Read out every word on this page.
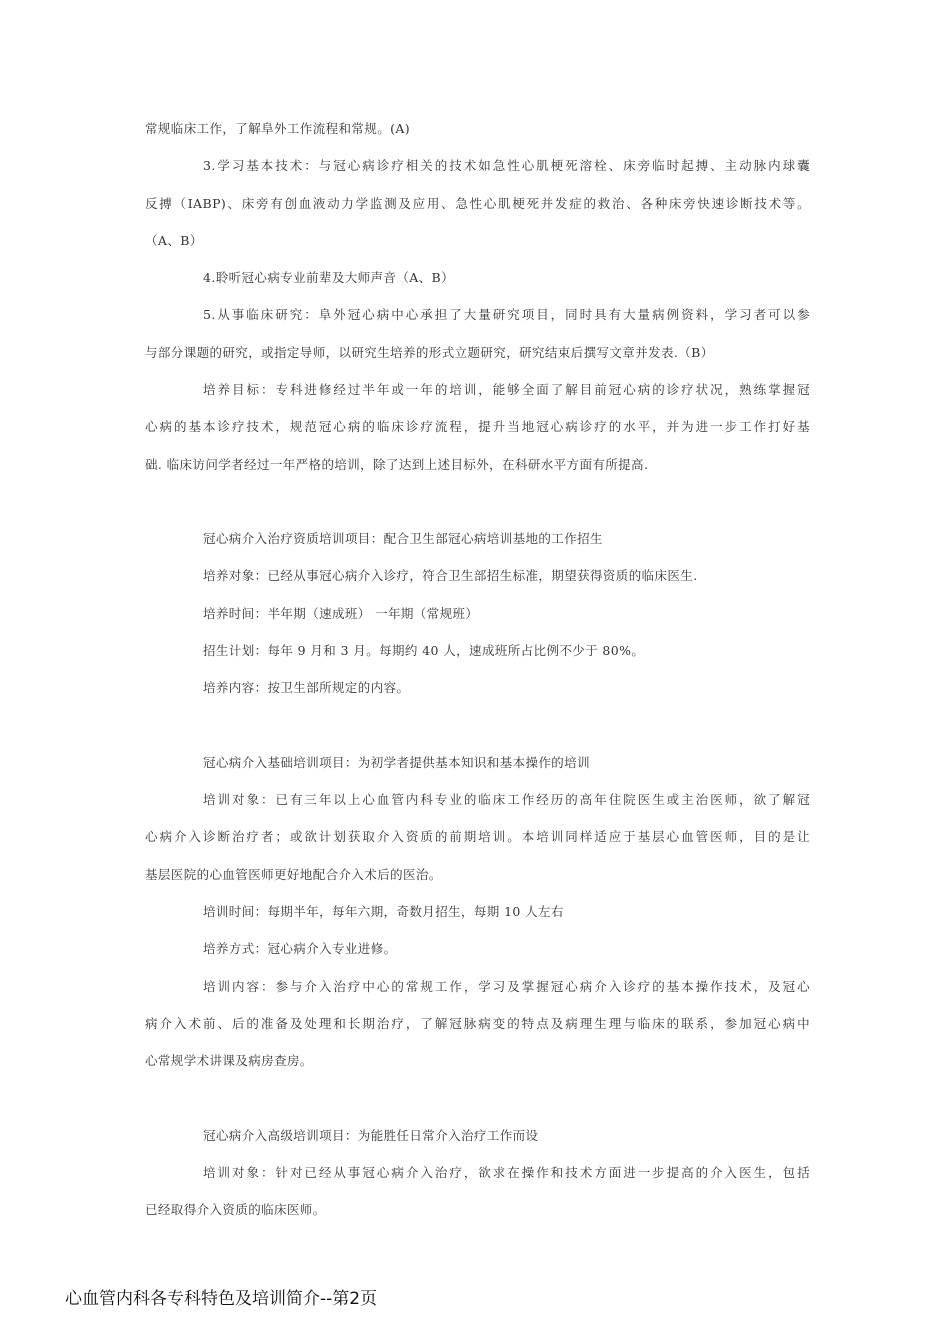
常规临床工作，了解阜外工作流程和常规。(A)
3.学习基本技术：与冠心病诊疗相关的技术如急性心肌梗死溶栓、床旁临时起搏、主动脉内球囊
反搏（IABP)、床旁有创血液动力学监测及应用、急性心肌梗死并发症的救治、各种床旁快速诊断技术等。
（A、B）
4.聆听冠心病专业前辈及大师声音（A、B）
5.从事临床研究：阜外冠心病中心承担了大量研究项目，同时具有大量病例资料，学习者可以参
与部分课题的研究，或指定导师，以研究生培养的形式立题研究，研究结束后撰写文章并发表.（B）
培养目标：专科进修经过半年或一年的培训，能够全面了解目前冠心病的诊疗状况，熟练掌握冠
心病的基本诊疗技术，规范冠心病的临床诊疗流程，提升当地冠心病诊疗的水平，并为进一步工作打好基
础. 临床访问学者经过一年严格的培训，除了达到上述目标外，在科研水平方面有所提高.
冠心病介入治疗资质培训项目：配合卫生部冠心病培训基地的工作招生
培养对象：已经从事冠心病介入诊疗，符合卫生部招生标准，期望获得资质的临床医生.
培养时间：半年期（速成班） 一年期（常规班）
招生计划：每年 9 月和 3 月。每期约 40 人，速成班所占比例不少于 80%。
培养内容：按卫生部所规定的内容。
冠心病介入基础培训项目：为初学者提供基本知识和基本操作的培训
培训对象：已有三年以上心血管内科专业的临床工作经历的高年住院医生或主治医师，欲了解冠
心病介入诊断治疗者；或欲计划获取介入资质的前期培训。本培训同样适应于基层心血管医师，目的是让
基层医院的心血管医师更好地配合介入术后的医治。
培训时间：每期半年，每年六期，奇数月招生，每期 10 人左右
培养方式：冠心病介入专业进修。
培训内容：参与介入治疗中心的常规工作，学习及掌握冠心病介入诊疗的基本操作技术，及冠心
病介入术前、后的准备及处理和长期治疗，了解冠脉病变的特点及病理生理与临床的联系，参加冠心病中
心常规学术讲课及病房查房。
冠心病介入高级培训项目：为能胜任日常介入治疗工作而设
培训对象：针对已经从事冠心病介入治疗，欲求在操作和技术方面进一步提高的介入医生，包括
已经取得介入资质的临床医师。
心血管内科各专科特色及培训简介--第2页
